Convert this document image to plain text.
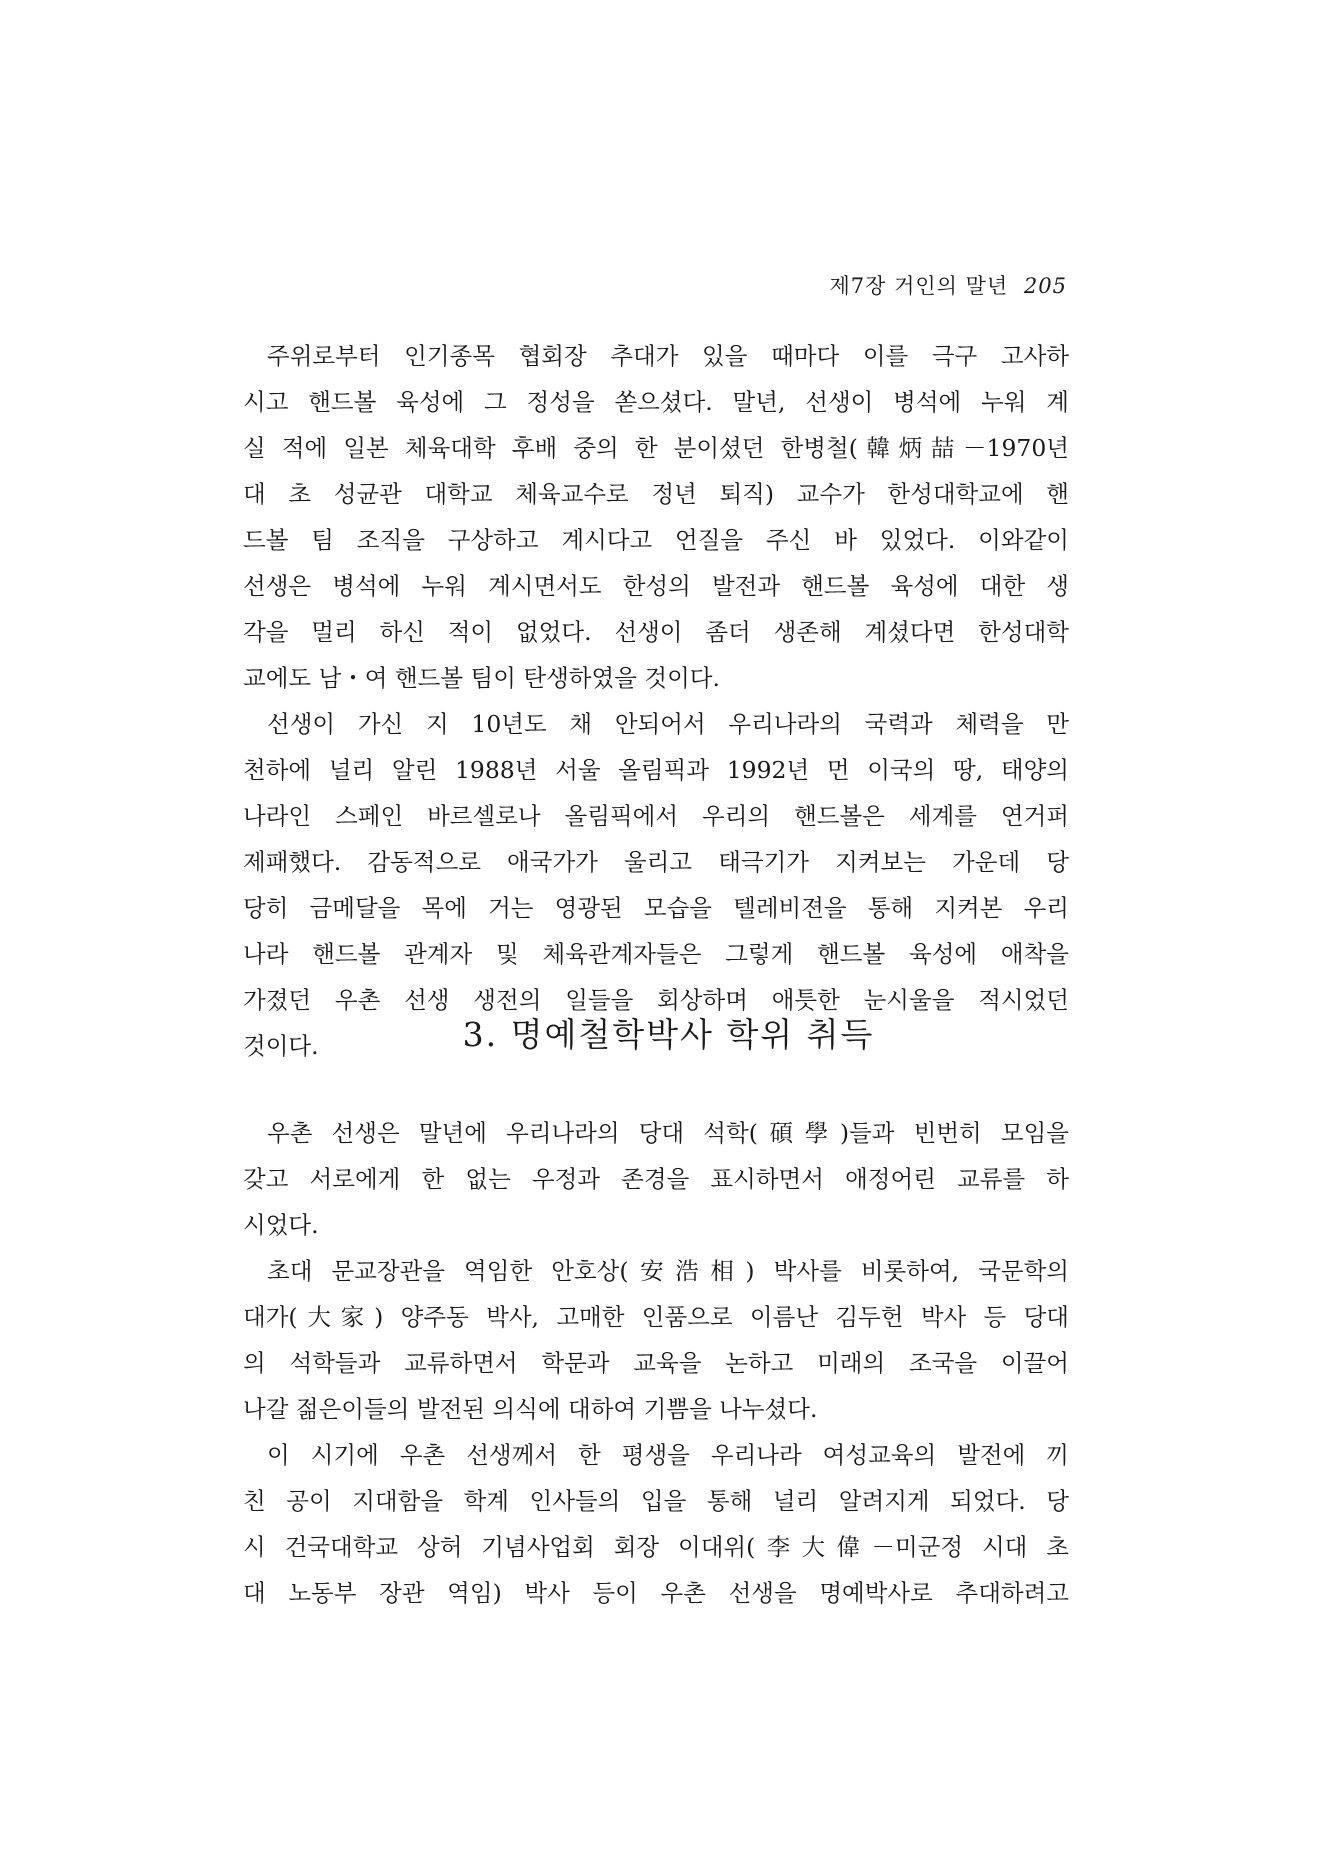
제7장 거인의 말년 205
주위로부터 인기종목 협회장 추대가 있을 때마다 이를 극구 고사하
시고 핸드볼 육성에 그 정성을 쏟으셨다. 말년, 선생이 병석에 누워 계
실 적에 일본 체육대학 후배 중의 한 분이셨던 한병철(韓炳喆－1970년
대 초 성균관 대학교 체육교수로 정년 퇴직) 교수가 한성대학교에 핸
드볼 팀 조직을 구상하고 계시다고 언질을 주신 바 있었다. 이와같이
선생은 병석에 누워 계시면서도 한성의 발전과 핸드볼 육성에 대한 생
각을 멀리 하신 적이 없었다. 선생이 좀더 생존해 계셨다면 한성대학
교에도 남・여 핸드볼 팀이 탄생하였을 것이다.
선생이 가신 지 10년도 채 안되어서 우리나라의 국력과 체력을 만
천하에 널리 알린 1988년 서울 올림픽과 1992년 먼 이국의 땅, 태양의
나라인 스페인 바르셀로나 올림픽에서 우리의 핸드볼은 세계를 연거퍼
제패했다. 감동적으로 애국가가 울리고 태극기가 지켜보는 가운데 당
당히 금메달을 목에 거는 영광된 모습을 텔레비젼을 통해 지켜본 우리
나라 핸드볼 관계자 및 체육관계자들은 그렇게 핸드볼 육성에 애착을
가졌던 우촌 선생 생전의 일들을 회상하며 애틋한 눈시울을 적시었던
것이다.	3. 명예철학박사 학위 취득
우촌 선생은 말년에 우리나라의 당대 석학(碩學)들과 빈번히 모임을
갖고 서로에게 한 없는 우정과 존경을 표시하면서 애정어린 교류를 하
시었다.
초대 문교장관을 역임한 안호상(安浩相) 박사를 비롯하여, 국문학의
대가(大家) 양주동 박사, 고매한 인품으로 이름난 김두헌 박사 등 당대
의 석학들과 교류하면서 학문과 교육을 논하고 미래의 조국을 이끌어
나갈 젊은이들의 발전된 의식에 대하여 기쁨을 나누셨다.
이 시기에 우촌 선생께서 한 평생을 우리나라 여성교육의 발전에 끼
친 공이 지대함을 학계 인사들의 입을 통해 널리 알려지게 되었다. 당
시 건국대학교 상허 기념사업회 회장 이대위(李大偉－미군정 시대 초
대 노동부 장관 역임) 박사 등이 우촌 선생을 명예박사로 추대하려고
